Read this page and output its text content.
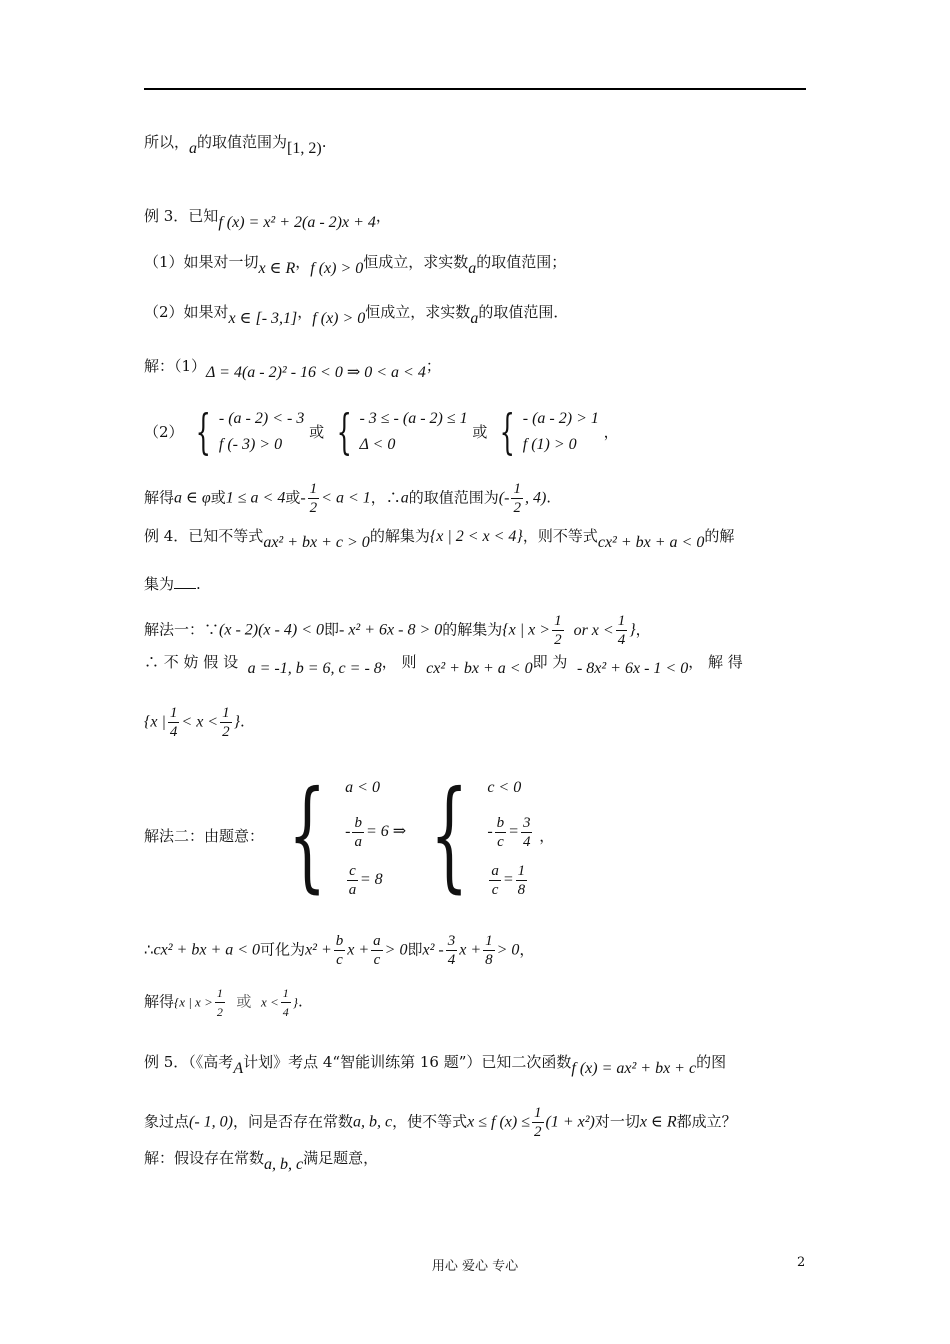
所以，a的取值范围为[1, 2).
例 3．已知f (x) = x² + 2(a - 2)x + 4，
（1）如果对一切x ∈ R，f (x) > 0恒成立，求实数a的取值范围；
（2）如果对x ∈ [- 3,1]，f (x) > 0恒成立，求实数a的取值范围．
解：（1）Δ = 4(a - 2)² - 16 < 0 ⇒ 0 < a < 4；
（2） { - (a - 2) < - 3
f (- 3) > 0
或 { - 3 ≤ - (a - 2) ≤ 1
Δ < 0
或 { - (a - 2) > 1
f (1) > 0
，
解得a ∈ φ或1 ≤ a < 4或- $\frac{1}{2} < a < 1$，∴a的取值范围为(- $\frac{1}{2}$ , 4).
例 4．已知不等式ax² + bx + c > 0的解集为{x | 2 < x < 4}，则不等式cx² + bx + a < 0的解
集为 .
解法一：∵(x - 2)(x - 4) < 0即- x² + 6x - 8 > 0的解集为{x | $x > \frac{1}{2}$ or $x < \frac{1}{4}$ }，
∴ 不 妨 假 设 a = -1, b = 6, c = - 8， 则 cx² + bx + a < 0即 为 - 8x² + 6x - 1 < 0， 解 得
{x | $\frac{1}{4} < x < \frac{1}{2}$ }.
解法二：由题意： { a < 0
- $\frac{b}{a} = 6$ ⇒
$\frac{c}{a} = 8$
{ c < 0
- $\frac{b}{c} = \frac{3}{4}$
$\frac{a}{c} = \frac{1}{8}$
，
∴cx² + bx + a < 0可化为$x^2 + \frac{b}{c}$ $x + \frac{a}{c} > 0$即$x^2 - \frac{3}{4}$ $x + \frac{1}{8} > 0$，
解得{x | $x > \frac{1}{2}$ 或 $x < \frac{1}{4}$ }.
例 5．（《高考A计划》考点 4“智能训练第 16 题”）已知二次函数f (x) = ax² + bx + c的图
象过点(- 1, 0)，问是否存在常数a, b, c，使不等式x ≤ f $(x) \le \frac{1}{2} (1 + x^2)$对一切x ∈ R都成立？
解：假设存在常数a, b, c满足题意，
用心 爱心 专心	2
